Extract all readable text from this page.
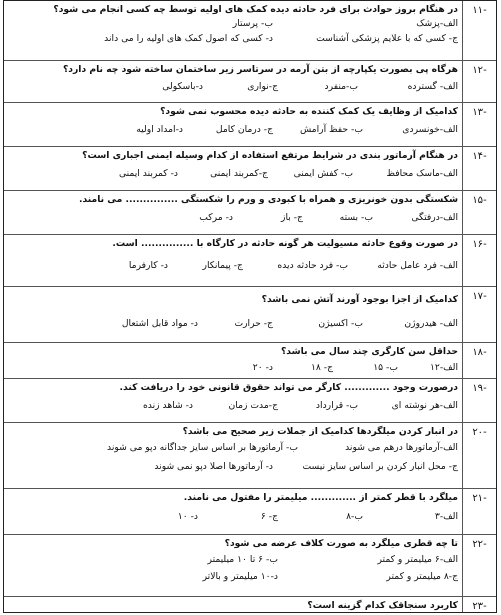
-۱۱
در هنگام بروز حوادث برای فرد حادثه دیده کمک های اولیه توسط چه کسی انجام می شود؟
الف-پزشک
ب- پرستار
ج- کسی که با علایم پزشکی آشناست
د- کسی که اصول کمک های اولیه را می داند
-۱۲
هرگاه پی بصورت یکپارچه از بتن آرمه در سرتاسر زیر ساختمان ساخته شود چه نام دارد؟
الف- گسترده
ب-منفرد
ج-نواری
د-باسکولی
-۱۳
کدامیک از وظایف یک کمک کننده به حادثه دیده محسوب نمی شود؟
الف-خونسردی
ب- حفظ آرامش
ج- درمان کامل
د-امداد اولیه
-۱۴
در هنگام آرماتور بندی در شرایط مرتفع استفاده از کدام وسیله ایمنی اجباری است؟
الف-ماسک محافظ
ب- کفش ایمنی
ج-کمربند ایمنی
د- کمربند ایمنی
-۱۵
شکستگی بدون خونریزی و همراه با کبودی و ورم را شکستگی ............... می نامند.
الف-درفتگی
ب- بسته
ج- باز
د- مرکب
-۱۶
در صورت وقوع حادثه مسیولیت هر گونه حادثه در کارگاه با ............... است.
الف- فرد عامل حادثه
ب- فرد حادثه دیده
ج- پیمانکار
د- کارفرما
-۱۷
کدامیک از اجزا بوجود آورند آتش نمی باشد؟
الف- هیدروژن
ب- اکسیژن
ج- حرارت
د- مواد قابل اشتعال
-۱۸
حداقل سن کارگری چند سال می باشد؟
الف-۱۲
ب- ۱۵
ج- ۱۸
د- ۲۰
-۱۹
درصورت وجود ............. کارگر می تواند حقوق قانونی خود را دریافت کند.
الف-هر نوشته ای
ب- قرارداد
ج-مدت زمان
د- شاهد زنده
-۲۰
در انبار کردن میلگردها کدامیک از جملات زیر صحیح می باشد؟
الف-آرماتورها درهم می شوند
ب- آرماتورها بر اساس سایز جداگانه دپو می شوند
ج- محل انبار کردن بر اساس سایز نیست
د- آرماتورها اصلا دپو نمی شوند
-۲۱
میلگرد با قطر کمتر از ............. میلیمتر را مفتول می نامند.
الف-۳
ب-۸
ج- ۶
د- ۱۰
-۲۲
تا چه قطری میلگرد به صورت کلاف عرضه می شود؟
الف-۶ میلیمتر و کمتر
ب- ۶ تا ۱۰ میلیمتر
ج-۸ میلیمتر و کمتر
د-۱۰ میلیمتر و بالاتر
-۲۳
کاربرد سنجاقک کدام گزینه است؟
